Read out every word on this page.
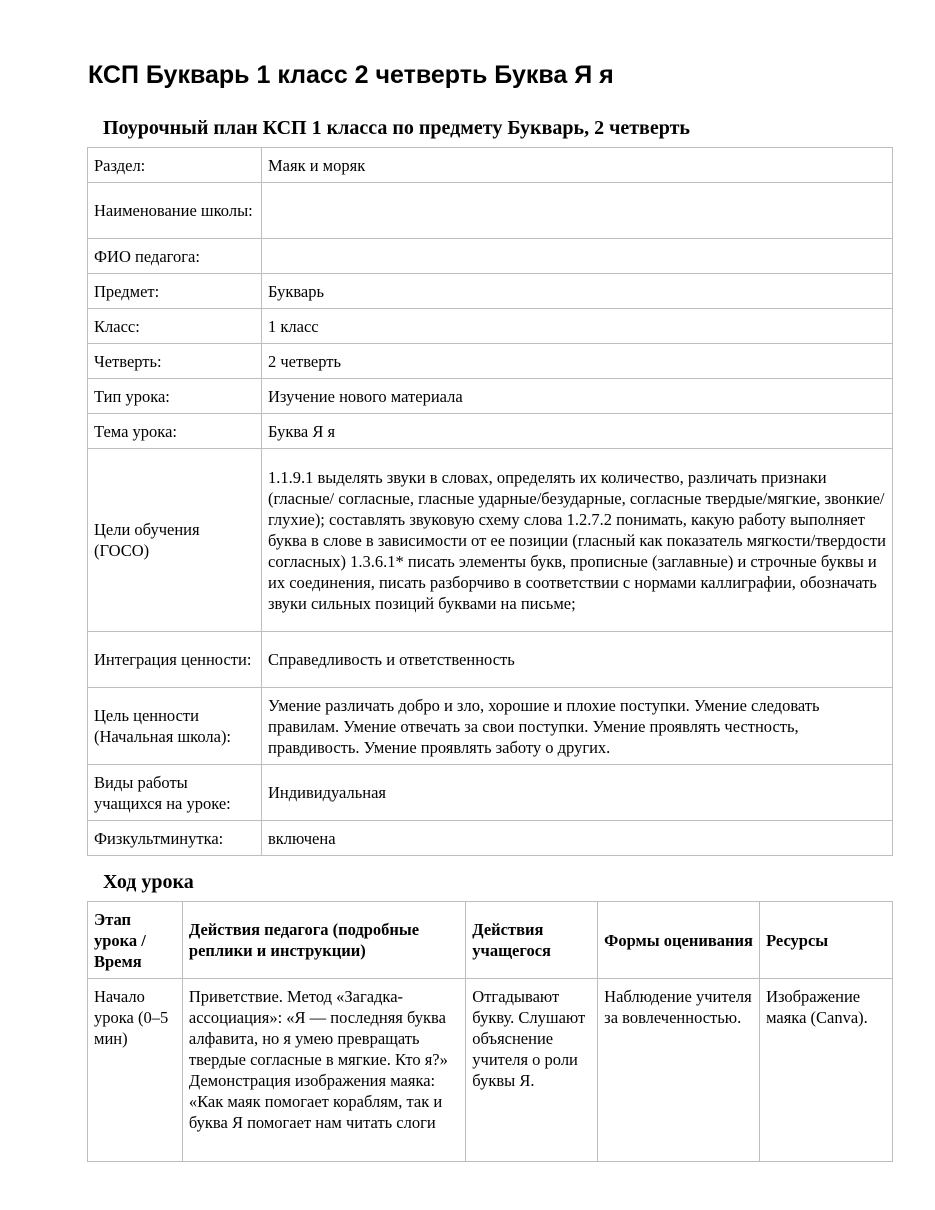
КСП Букварь 1 класс 2 четверть Буква Я я
Поурочный план КСП 1 класса по предмету Букварь, 2 четверть
Раздел:	Маяк и моряк
Наименование школы:	
ФИО педагога:	
Предмет:	Букварь
Класс:	1 класс
Четверть:	2 четверть
Тип урока:	Изучение нового материала
Тема урока:	Буква Я я
Цели обучения (ГОСО)	1.1.9.1 выделять звуки в словах, определять их количество, различать признаки (гласные/ согласные, гласные ударные/безударные, согласные твердые/мягкие, звонкие/глухие); составлять звуковую схему слова 1.2.7.2 понимать, какую работу выполняет буква в слове в зависимости от ее позиции (гласный как показатель мягкости/твердости согласных) 1.3.6.1* писать элементы букв, прописные (заглавные) и строчные буквы и их соединения, писать разборчиво в соответствии с нормами каллиграфии, обозначать звуки сильных позиций буквами на письме;
Интеграция ценности:	Справедливость и ответственность
Цель ценности (Начальная школа):	Умение различать добро и зло, хорошие и плохие поступки. Умение следовать правилам. Умение отвечать за свои поступки. Умение проявлять честность, правдивость. Умение проявлять заботу о других.
Виды работы учащихся на уроке:	Индивидуальная
Физкультминутка:	включена
Ход урока
Этап урока / Время	Действия педагога (подробные реплики и инструкции)	Действия учащегося	Формы оценивания	Ресурсы
Начало урока (0–5 мин)	Приветствие. Метод «Загадка-ассоциация»: «Я — последняя буква алфавита, но я умею превращать твердые согласные в мягкие. Кто я?» Демонстрация изображения маяка: «Как маяк помогает кораблям, так и буква Я помогает нам читать слоги	Отгадывают букву. Слушают объяснение учителя о роли буквы Я.	Наблюдение учителя за вовлеченностью.	Изображение маяка (Canva).
